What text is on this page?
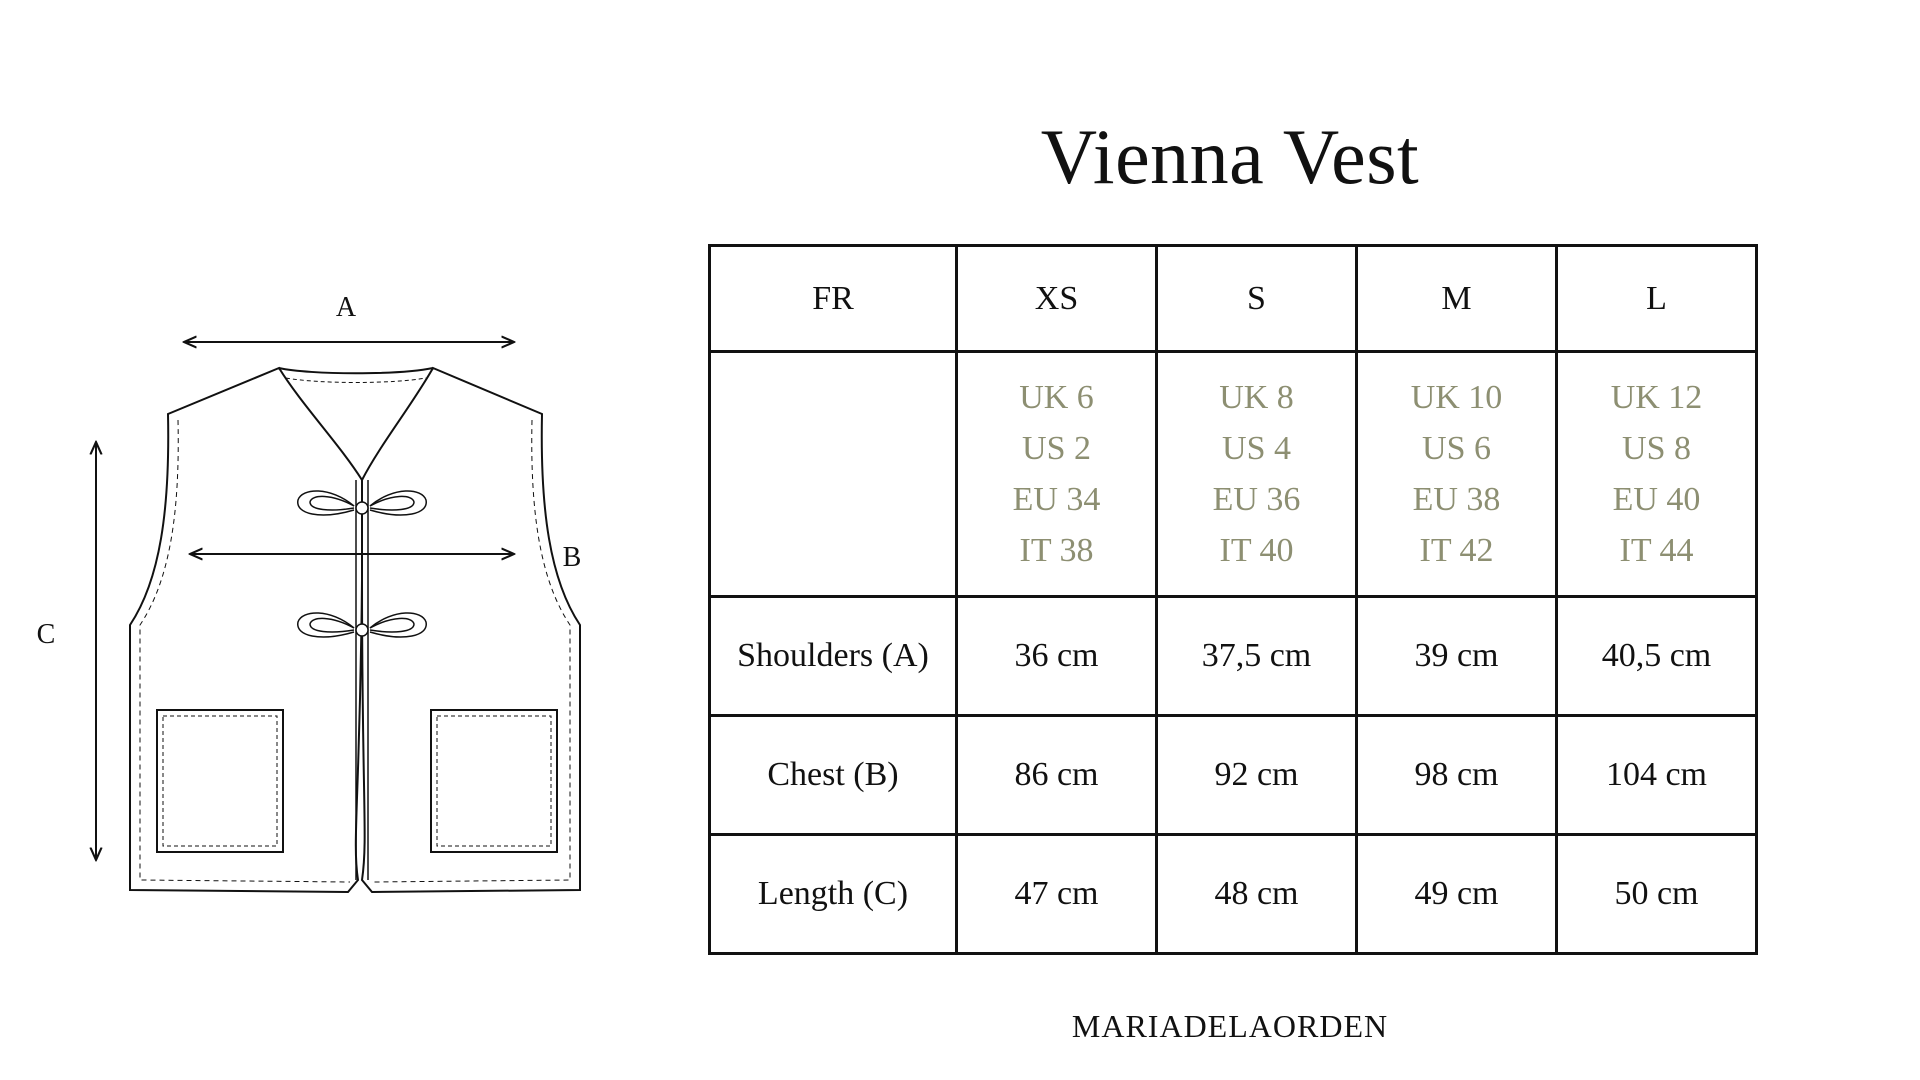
A
C
B
Vienna Vest
FR	XS	S	M	L

	UK 6
US 2
EU 34
IT 38	UK 8
US 4
EU 36
IT 40	UK 10
US 6
EU 38
IT 42	UK 12
US 8
EU 40
IT 44

Shoulders (A)	36 cm	37,5 cm	39 cm	40,5 cm
Chest (B)	86 cm	92 cm	98 cm	104 cm
Length (C)	47 cm	48 cm	49 cm	50 cm
MARIADELAORDEN
